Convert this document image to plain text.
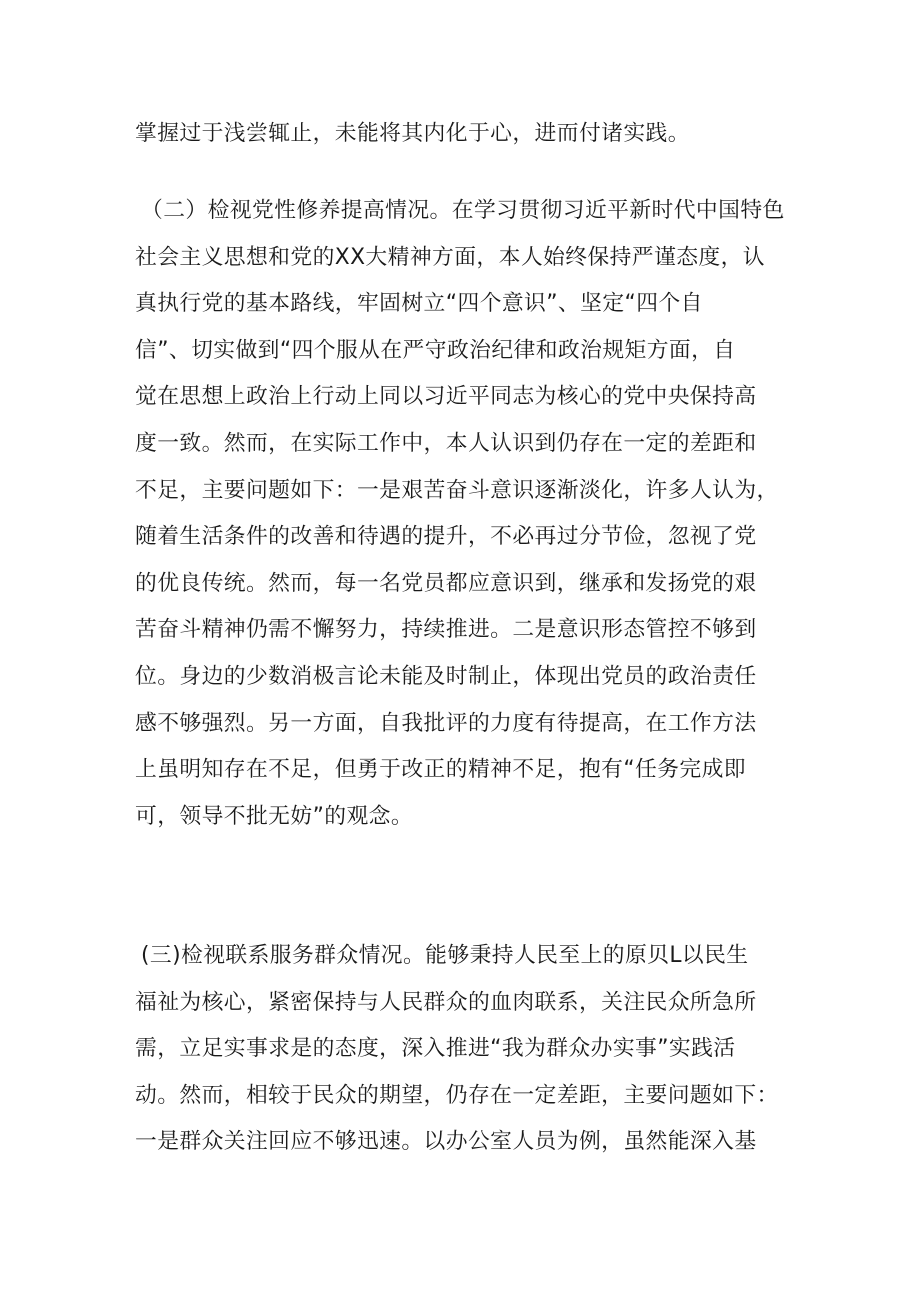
掌握过于浅尝辄止，未能将其内化于心，进而付诸实践。
（二）检视党性修养提高情况。在学习贯彻习近平新时代中国特色
社会主义思想和党的XX大精神方面，本人始终保持严谨态度，认
真执行党的基本路线，牢固树立“四个意识”、坚定“四个自
信”、切实做到“四个服从在严守政治纪律和政治规矩方面，自
觉在思想上政治上行动上同以习近平同志为核心的党中央保持高
度一致。然而，在实际工作中，本人认识到仍存在一定的差距和
不足，主要问题如下：一是艰苦奋斗意识逐渐淡化，许多人认为，
随着生活条件的改善和待遇的提升，不必再过分节俭，忽视了党
的优良传统。然而，每一名党员都应意识到，继承和发扬党的艰
苦奋斗精神仍需不懈努力，持续推进。二是意识形态管控不够到
位。身边的少数消极言论未能及时制止，体现出党员的政治责任
感不够强烈。另一方面，自我批评的力度有待提高，在工作方法
上虽明知存在不足，但勇于改正的精神不足，抱有“任务完成即
可，领导不批无妨”的观念。
(三)检视联系服务群众情况。能够秉持人民至上的原贝L以民生
福祉为核心，紧密保持与人民群众的血肉联系，关注民众所急所
需，立足实事求是的态度，深入推进“我为群众办实事”实践活
动。然而，相较于民众的期望，仍存在一定差距，主要问题如下：
一是群众关注回应不够迅速。以办公室人员为例，虽然能深入基
